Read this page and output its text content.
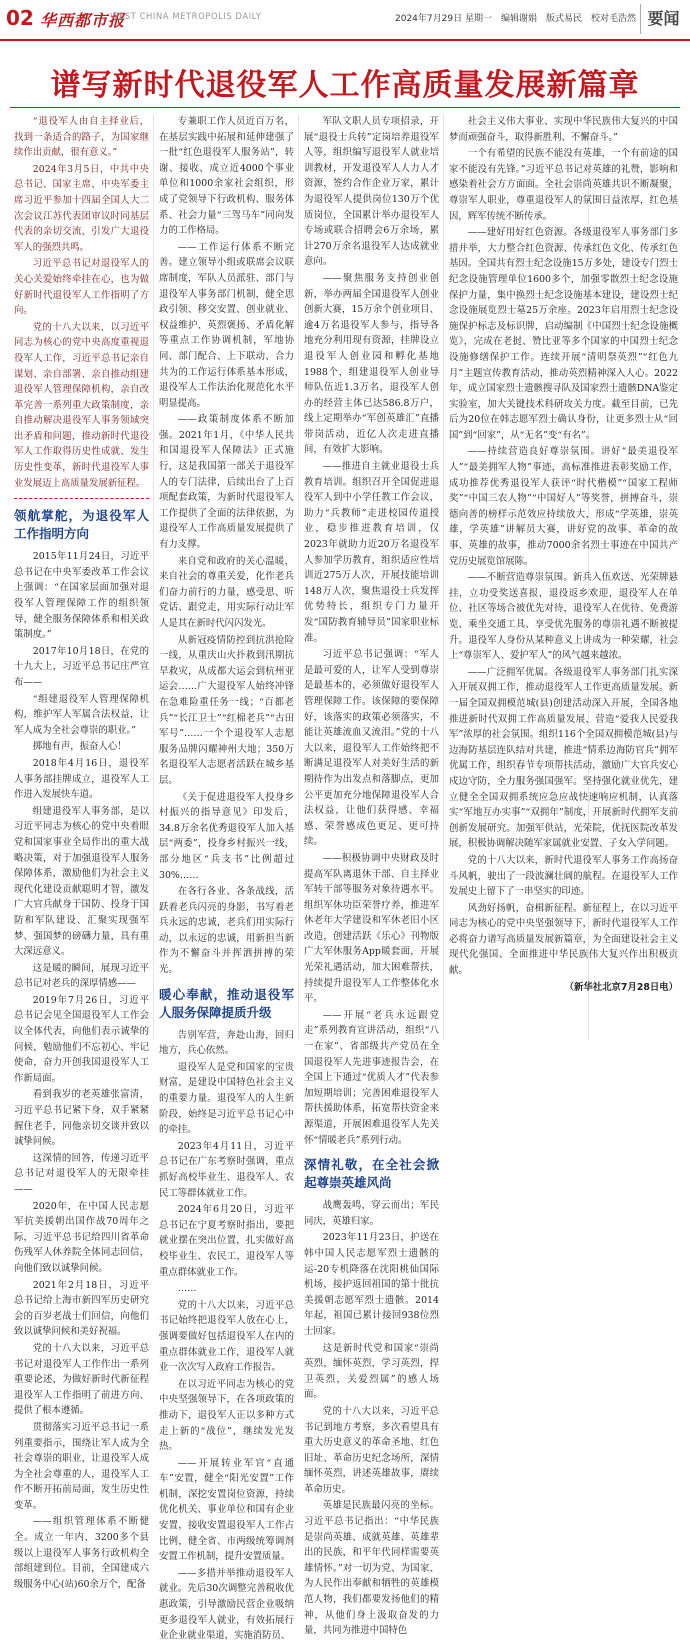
02 华西都市报
WEST CHINA METROPOLIS DAILY	2024年7月29日 星期一　编辑谢娟　版式易民　校对毛浩然 要闻
谱写新时代退役军人工作高质量发展新篇章

“退役军人由自主择业后，找到一条适合的路子，为国家继续作出贡献，很有意义。”

2024年3月5日，中共中央总书记、国家主席、中央军委主席习近平参加十四届全国人大二次会议江苏代表团审议时同基层代表的亲切交流，引发广大退役军人的强烈共鸣。

习近平总书记对退役军人的关心关爱始终牵挂在心，也为做好新时代退役军人工作指明了方向。

党的十八大以来，以习近平同志为核心的党中央高度重视退役军人工作，习近平总书记亲自谋划、亲自部署、亲自推动组建退役军人管理保障机构，亲自改革完善一系列重大政策制度，亲自推动解决退役军人事务领域突出矛盾和问题，推动新时代退役军人工作取得历史性成就、发生历史性变革，新时代退役军人事业发展迈上高质量发展新征程。

领航掌舵，为退役军人工作指明方向

2015年11月24日，习近平总书记在中央军委改革工作会议上强调：“在国家层面加强对退役军人管理保障工作的组织领导，健全服务保障体系和相关政策制度。”

2017年10月18日，在党的十九大上，习近平总书记庄严宣布——

“组建退役军人管理保障机构，维护军人军属合法权益，让军人成为全社会尊崇的职业。”

掷地有声，振奋人心！

2018年4月16日，退役军人事务部挂牌成立，退役军人工作进入发展快车道。

组建退役军人事务部，是以习近平同志为核心的党中央着眼党和国家事业全局作出的重大战略决策，对于加强退役军人服务保障体系，激励他们为社会主义现代化建设贡献聪明才智，激发广大官兵献身于国防、投身于国防和军队建设、汇聚实现强军梦、强国梦的磅礴力量，具有重大深远意义。

这是暖的瞬间，展现习近平总书记对老兵的深厚情感——

2019年7月26日，习近平总书记会见全国退役军人工作会议全体代表，向他们表示诚挚的问候，勉励他们不忘初心、牢记使命，奋力开创我国退役军人工作新局面。

看到我岁的老英雄张富清，习近平总书记紧下身，双手紧紧握住老手，同他亲切交谈并致以诚挚问候。

这深情的回答，传递习近平总书记对退役军人的无限牵挂——

2020年，在中国人民志愿军抗美援朝出国作战70周年之际，习近平总书记给四川省革命伤残军人休养院全体同志回信，向他们致以诚挚问候。

2021年2月18日，习近平总书记给上海市新四军历史研究会的百岁老战士们回信，向他们致以诚挚问候和美好祝福。

党的十八大以来，习近平总书记对退役军人工作作出一系列重要论述，为做好新时代新征程退役军人工作指明了前进方向、提供了根本遵循。

贯彻落实习近平总书记一系列重要指示，围绕让军人成为全社会尊崇的职业，让退役军人成为全社会尊重的人，退役军人工作不断开拓前局面，发生历史性变革。

——组织管理体系不断健全。成立一年内，3200多个县级以上退役军人事务行政机构全部组建到位。目前，全国建成六级服务中心(站)60余万个，配备

专兼职工作人员近百万名，在基层实践中拓展和延伸建强了一批“红色退役军人服务站”，转谢、接收、成立近4000个事业单位和1000余家社会组织，形成了党领导下行政机构、服务体系、社会力量“三驾马车”同向发力的工作格局。

——工作运行体系不断完善。建立领导小组或联席会议联席制度，军队人员派驻、部门与退役军人事务部门机制，健全思政引领、移交安置、创业就业、权益维护、英烈褒扬、矛盾化解等重点工作协调机制，军地协同、部门配合、上下联动、合力共为的工作运行体系基本形成，退役军人工作法治化规范化水平明显提高。

——政策制度体系不断加强。2021年1月，《中华人民共和国退役军人保障法》正式施行，这是我国第一部关于退役军人的专门法律，后续出台了上百项配套政策，为新时代退役军人工作提供了全面的法律依据，为退役军人工作高质量发展提供了有力支撑。

来自党和政府的关心温暖，来自社会的尊重关爱，化作老兵们奋力前行的力量，感受思、听党话、跟党走，用实际行动让军人是其在新时代闪闪发光。

从新冠疫情防控到抗洪抢险一线，从重庆山火扑救到汛期抗旱救灾，从成都大运会到杭州亚运会……广大退役军人始终冲锋在急难险重任务一线；“百都老兵”“长江卫士”“红棉老兵”“古田军号”……一个个退役军人志愿服务品牌闪耀神州大地；350万名退役军人志愿者活跃在城乡基层。

《关于促进退役军人投身乡村振兴的指导意见》印发后，34.8万余名优秀退役军人加入基层“两委”，投身乡村振兴一线，部分地区“兵支书”比例超过30%……

在各行各业、各条战线，活跃着老兵闪亮的身影，书写着老兵永远的忠诚，老兵们用实际行动，以永远的忠诚，用新担当新作为不懈奋斗并挥洒拼搏的荣光。

暖心奉献，推动退役军人服务保障提质升级

告别军营，奔赴山海，回归地方，兵心依然。

退役军人是党和国家的宝贵财富，是建设中国特色社会主义的重要力量。退役军人的人生新阶段，始终是习近平总书记心中的牵挂。

2023年4月11日，习近平总书记在广东考察时强调，重点抓好高校毕业生、退役军人、农民工等群体就业工作。

2024年6月20日，习近平总书记在宁夏考察时指出，要把就业摆在突出位置，扎实做好高校毕业生、农民工、退役军人等重点群体就业工作。

……

党的十八大以来，习近平总书记始终把退役军人放在心上，强调要做好包括退役军人在内的重点群体就业工作，退役军人就业一次次写入政府工作报告。

在以习近平同志为核心的党中央坚强领导下，在各项政策的推动下，退役军人正以多种方式走上新的“战位”，继续发光发热。

——开展转业军官“直通车”安置，健全“阳光安置”工作机制，深挖安置岗位资源，持续优化机关、事业单位和国有企业安置，接收安置退役军人工作占比例，健全省、市两级统筹调剂安置工作机制，提升安置质量。

——多措并举推动退役军人就业。先后30次调整完善税收优惠政策，引导激励民营企业吸纳更多退役军人就业，有效拓展行业企业就业渠道，实施消防员、

军队文职人员专项招录，开展“退役士兵转”定岗培养退役军人等，组织编写退役军人就业培训教材，开发退役军人人力人才资源，签约合作企业万家，累计为退役军人提供岗位130万个优质岗位，全国累计举办退役军人专场或联合招聘会6万余场，累计270万余名退役军人达成就业意向。

——聚焦服务支持创业创新，举办两届全国退役军人创业创新大赛，15万余个创业项目、逾4万名退役军人参与，指导各地充分利用现有资源，挂牌设立退役军人创业园和孵化基地1988个，组建退役军人创业导师队伍近1.3万名，退役军人创办的经营主体已达586.8万户，线上定期举办“军创英雄汇”直播带岗活动，近亿人次走进直播间，有效扩大影响。

——推进自主就业退役士兵教育培训。组织召开全国促进退役军人到中小学任教工作会议，助力“兵教师”走进校园传道授业，稳步推进教育培训，仅2023年就助力近20万名退役军人参加学历教育，组织适应性培训近275万人次，开展技能培训148万人次，聚焦退役士兵发挥优势特长，组织专门力量开发“国防教育辅导员”国家职业标准。

习近平总书记强调：“军人是最可爱的人，让军人受到尊崇是最基本的，必须做好退役军人管理保障工作。该保障的要保障好，该落实的政策必须落实，不能让英雄流血又流泪。”党的十八大以来，退役军人工作始终把不断满足退役军人对美好生活的新期待作为出发点和落脚点，更加公平更加充分地保障退役军人合法权益，让他们获得感、幸福感、荣誉感成色更足、更可持续。

——积极协调中央财政及时提高军队离退休干部、自主择业军转干部等服务对象待遇水平。组织军休功臣荣誉疗养，推进军休老年大学建设和军休老旧小区改造，创建活跃《乐心》刊物版广大军休服务App暖套面，开展光荣礼遇活动，加大困难帮扶，持续提升退役军人工作整体化水平。

——开展“老兵永远跟党走”系列教育宣讲活动，组织“八一在家”、省部级共产党员在全国退役军人先进事迹报告会，在全国上下通过“优质人才”代表参加短期培训；完善困难退役军人帮扶援助体系，拓宽帮扶资金来源渠道，开展困难退役军人先关怀“情暖老兵”系列行动。

深情礼敬，在全社会掀起尊崇英雄风尚

战鹰轰鸣，穿云而出；军民同庆，英雄归家。

2023年11月23日，护送在韩中国人民志愿军烈士遗骸的运-20专机降落在沈阳桃仙国际机场，接护返回祖国的第十批抗美援朝志愿军烈士遗骸。2014年起，祖国已累计接回938位烈士回家。

这是新时代党和国家“崇尚英烈，缅怀英烈，学习英烈，捍卫英烈，关爱烈属”的感人场面。

党的十八大以来，习近平总书记到地方考察，多次看望具有重大历史意义的革命圣地、红色旧址、革命历史纪念场所，深情缅怀英烈，讲述英雄故事，赓续革命历史。

英雄是民族最闪亮的坐标。习近平总书记指出：“中华民族是崇尚英雄、成就英雄、英雄辈出的民族，和平年代同样需要英雄情怀。”对一切为党、为国家、为人民作出奉献和牺牲的英雄模范人物，我们都要发扬他们的精神，从他们身上汲取奋发的力量，共同为推进中国特色

社会主义伟大事业、实现中华民族伟大复兴的中国梦而顽强奋斗，取得新胜利、不懈奋斗。”

一个有希望的民族不能没有英雄，一个有前途的国家不能没有先锋。”习近平总书记对英雄的礼赞，影响和感染着社会方方面面。全社会崇尚英雄共识不断凝聚，尊崇军人职业，尊重退役军人的氛围日益浓厚，红色基因，辉军传统不断传承。

——建好用好红色资源。各级退役军人事务部门多措并举，大力整合红色资源、传承红色文化、传承红色基因。全国共有烈士纪念设施15万多处，建设专门烈士纪念设施管理单位1600多个，加强零散烈士纪念设施保护力量，集中换烈士纪念设施基本建设，建设烈士纪念设施展览烈士墓25万余座。2023年启用烈士纪念设施保护标志及标识牌，启动编制《中国烈士纪念设施概览》，完成在老挝、赞比亚等多个国家的中国烈士纪念设施修缮保护工作。连续开展“清明祭英烈”“红色九月”主题宣传教育活动，推动英烈精神深入人心。2022年，成立国家烈士遗骸搜寻队及国家烈士遗骸DNA鉴定实验室，加大关键技术科研攻关力度。截至目前，已先后为20位在韩志愿军烈士确认身份，让更多烈士从“回国”到“回家”，从“无名”变“有名”。

——持续营造良好尊崇氛围。讲好“最美退役军人”“最美拥军人物”事迹，高标准推进表彰奖励工作，成功推荐优秀退役军人获评“时代楷模”“国家工程师奖”“中国三农人物”“中国好人”等奖誉，拼搏奋斗，崇德向善的榜样示范效应持续放大，形成“学英雄，崇英雄，学英雄”讲解员大赛，讲好党的故事、革命的故事、英雄的故事，推动7000余名烈士事迹在中国共产党历史展览馆展陈。

——不断营造尊崇氛围。新兵入伍欢送、光荣牌悬挂，立功受奖送喜报，退役返乡欢迎，退役军人在单位、社区等场合被优先对待，退役军人在优待、免费游览、乘坐交通工具、享受优先服务的尊崇礼遇不断被提升。退役军人身份从某种意义上讲成为一种荣耀，社会上“尊崇军人、爱护军人”的风气越来越浓。

——广泛拥军优属。各级退役军人事务部门扎实深入开展双拥工作，推动退役军人工作更高质量发展。新一届全国双拥模范城(县)创建活动深入开展，全国各地推进新时代双拥工作高质量发展，营造“爱我人民爱我军”浓厚的社会氛围。组织116个全国双拥模范城(县)与边海防基层连队结对共建，推进“情系边海防官兵”拥军优属工作，组织春节专项帮扶活动，激励广大官兵安心戍边守防，全力服务强国强军。坚持强化就业优先，建立健全全国双拥系统应急应战快速响应机制，认真落实“军地互办实事”“双拥年”制度，开展新时代拥军支前创新发展研究。加强军供站，光荣院，优抚医院改革发展，积极协调解决随军家属就业安置、子女入学问题。

党的十八大以来，新时代退役军人事务工作高扬奋斗风帆，驶出了一段波澜壮阔的航程。在退役军人工作发展史上留下了一串坚实的印迹。

风劲好扬帆，奋楫新征程。新征程上，在以习近平同志为核心的党中央坚强领导下，新时代退役军人工作必将奋力谱写高质量发展新篇章，为全面建设社会主义现代化强国、全面推进中华民族伟大复兴作出积极贡献。

（新华社北京7月28日电）
